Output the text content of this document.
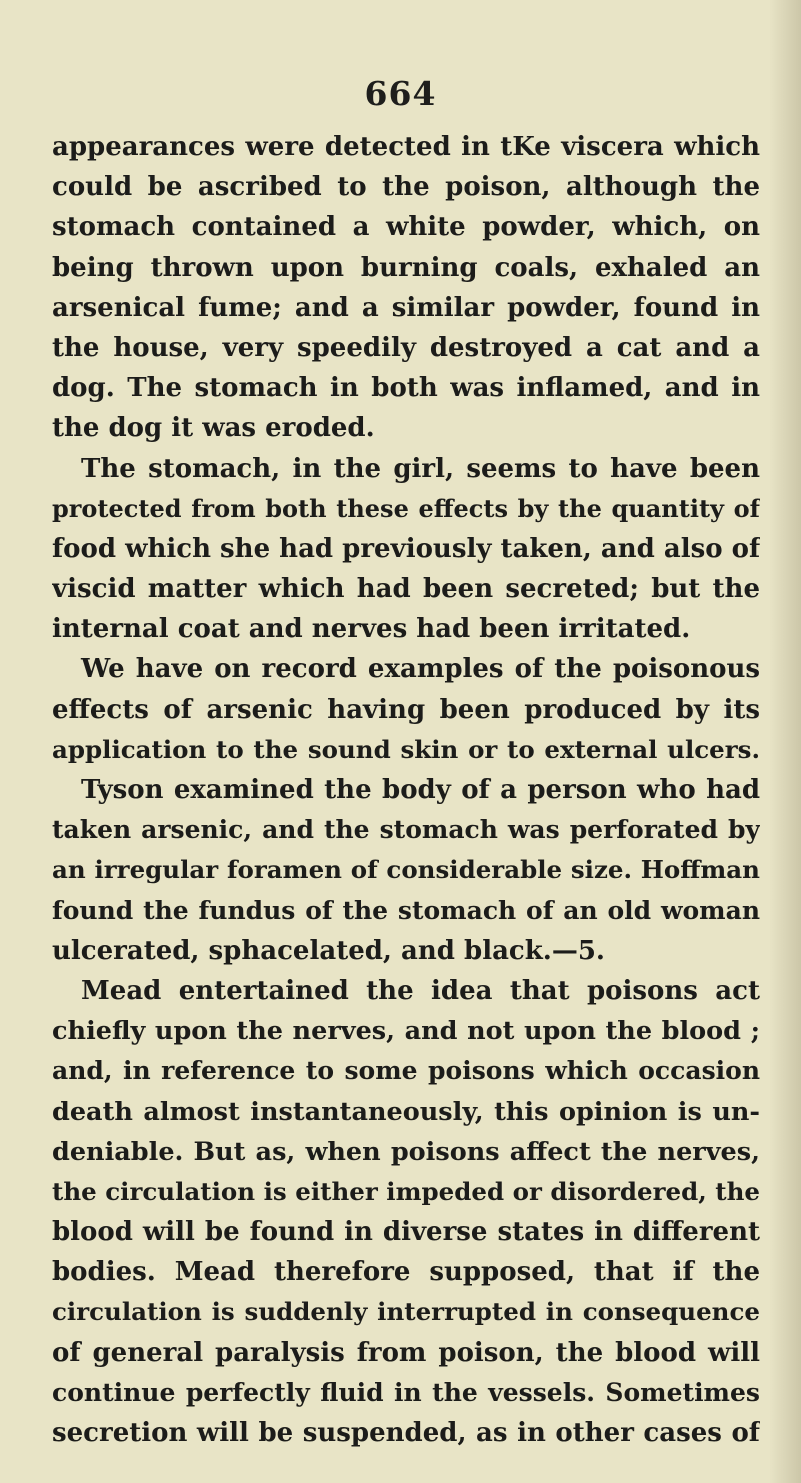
664
appearances were detected in tKe viscera which
could be ascribed to the poison, although the
stomach contained a white powder, which, on
being thrown upon burning coals, exhaled an
arsenical fume; and a similar powder, found in
the house, very speedily destroyed a cat and a
dog. The stomach in both was inflamed, and in
the dog it was eroded.
The stomach, in the girl, seems to have been
protected from both these effects by the quantity of
food which she had previously taken, and also of
viscid matter which had been secreted; but the
internal coat and nerves had been irritated.
We have on record examples of the poisonous
effects of arsenic having been produced by its
application to the sound skin or to external ulcers.
Tyson examined the body of a person who had
taken arsenic, and the stomach was perforated by
an irregular foramen of considerable size. Hoffman
found the fundus of the stomach of an old woman
ulcerated, sphacelated, and black.—5.
Mead entertained the idea that poisons act
chiefly upon the nerves, and not upon the blood ;
and, in reference to some poisons which occasion
death almost instantaneously, this opinion is un-
deniable. But as, when poisons affect the nerves,
the circulation is either impeded or disordered, the
blood will be found in diverse states in different
bodies. Mead therefore supposed, that if the
circulation is suddenly interrupted in consequence
of general paralysis from poison, the blood will
continue perfectly fluid in the vessels. Sometimes
secretion will be suspended, as in other cases of
